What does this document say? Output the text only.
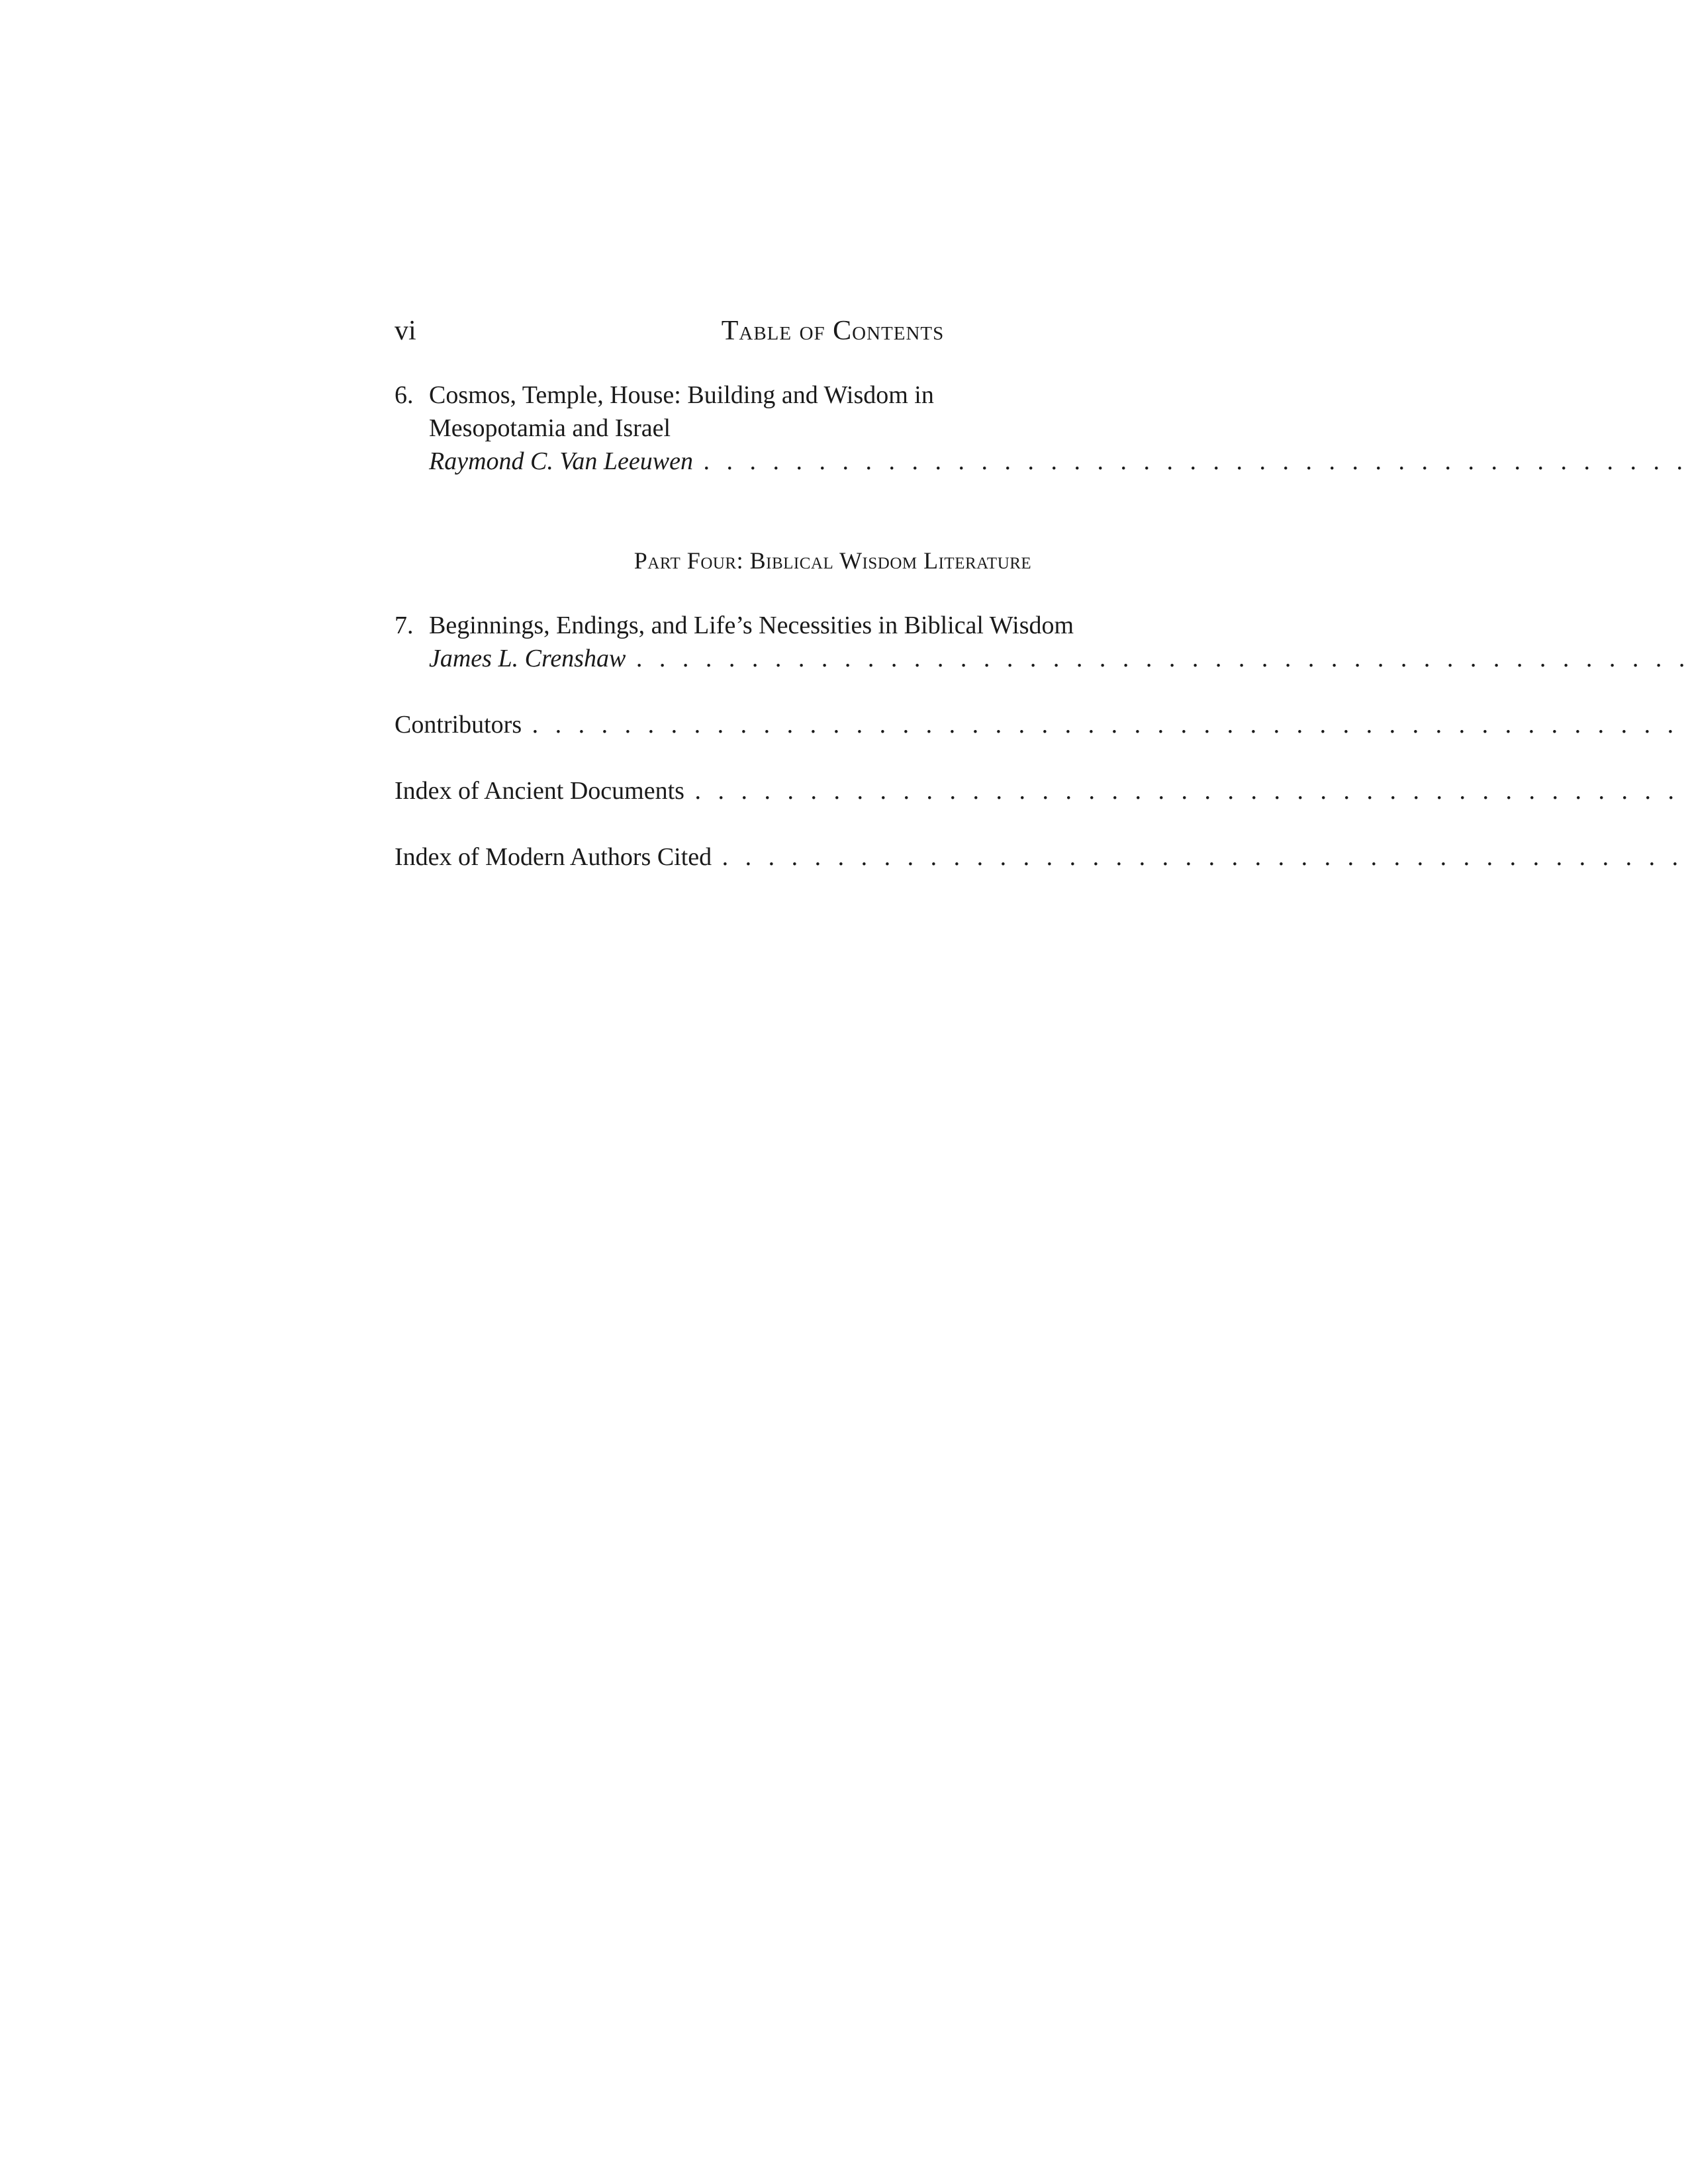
vi	Table of Contents
6. Cosmos, Temple, House: Building and Wisdom in
Mesopotamia and Israel
Raymond C. Van Leeuwen . . .
Part Four: Biblical Wisdom Literature
7. Beginnings, Endings, and Life’s Necessities in Biblical Wisdom
James L. Crenshaw . . .
Contributors . . .
Index of Ancient Documents . . .
Index of Modern Authors Cited . . .
